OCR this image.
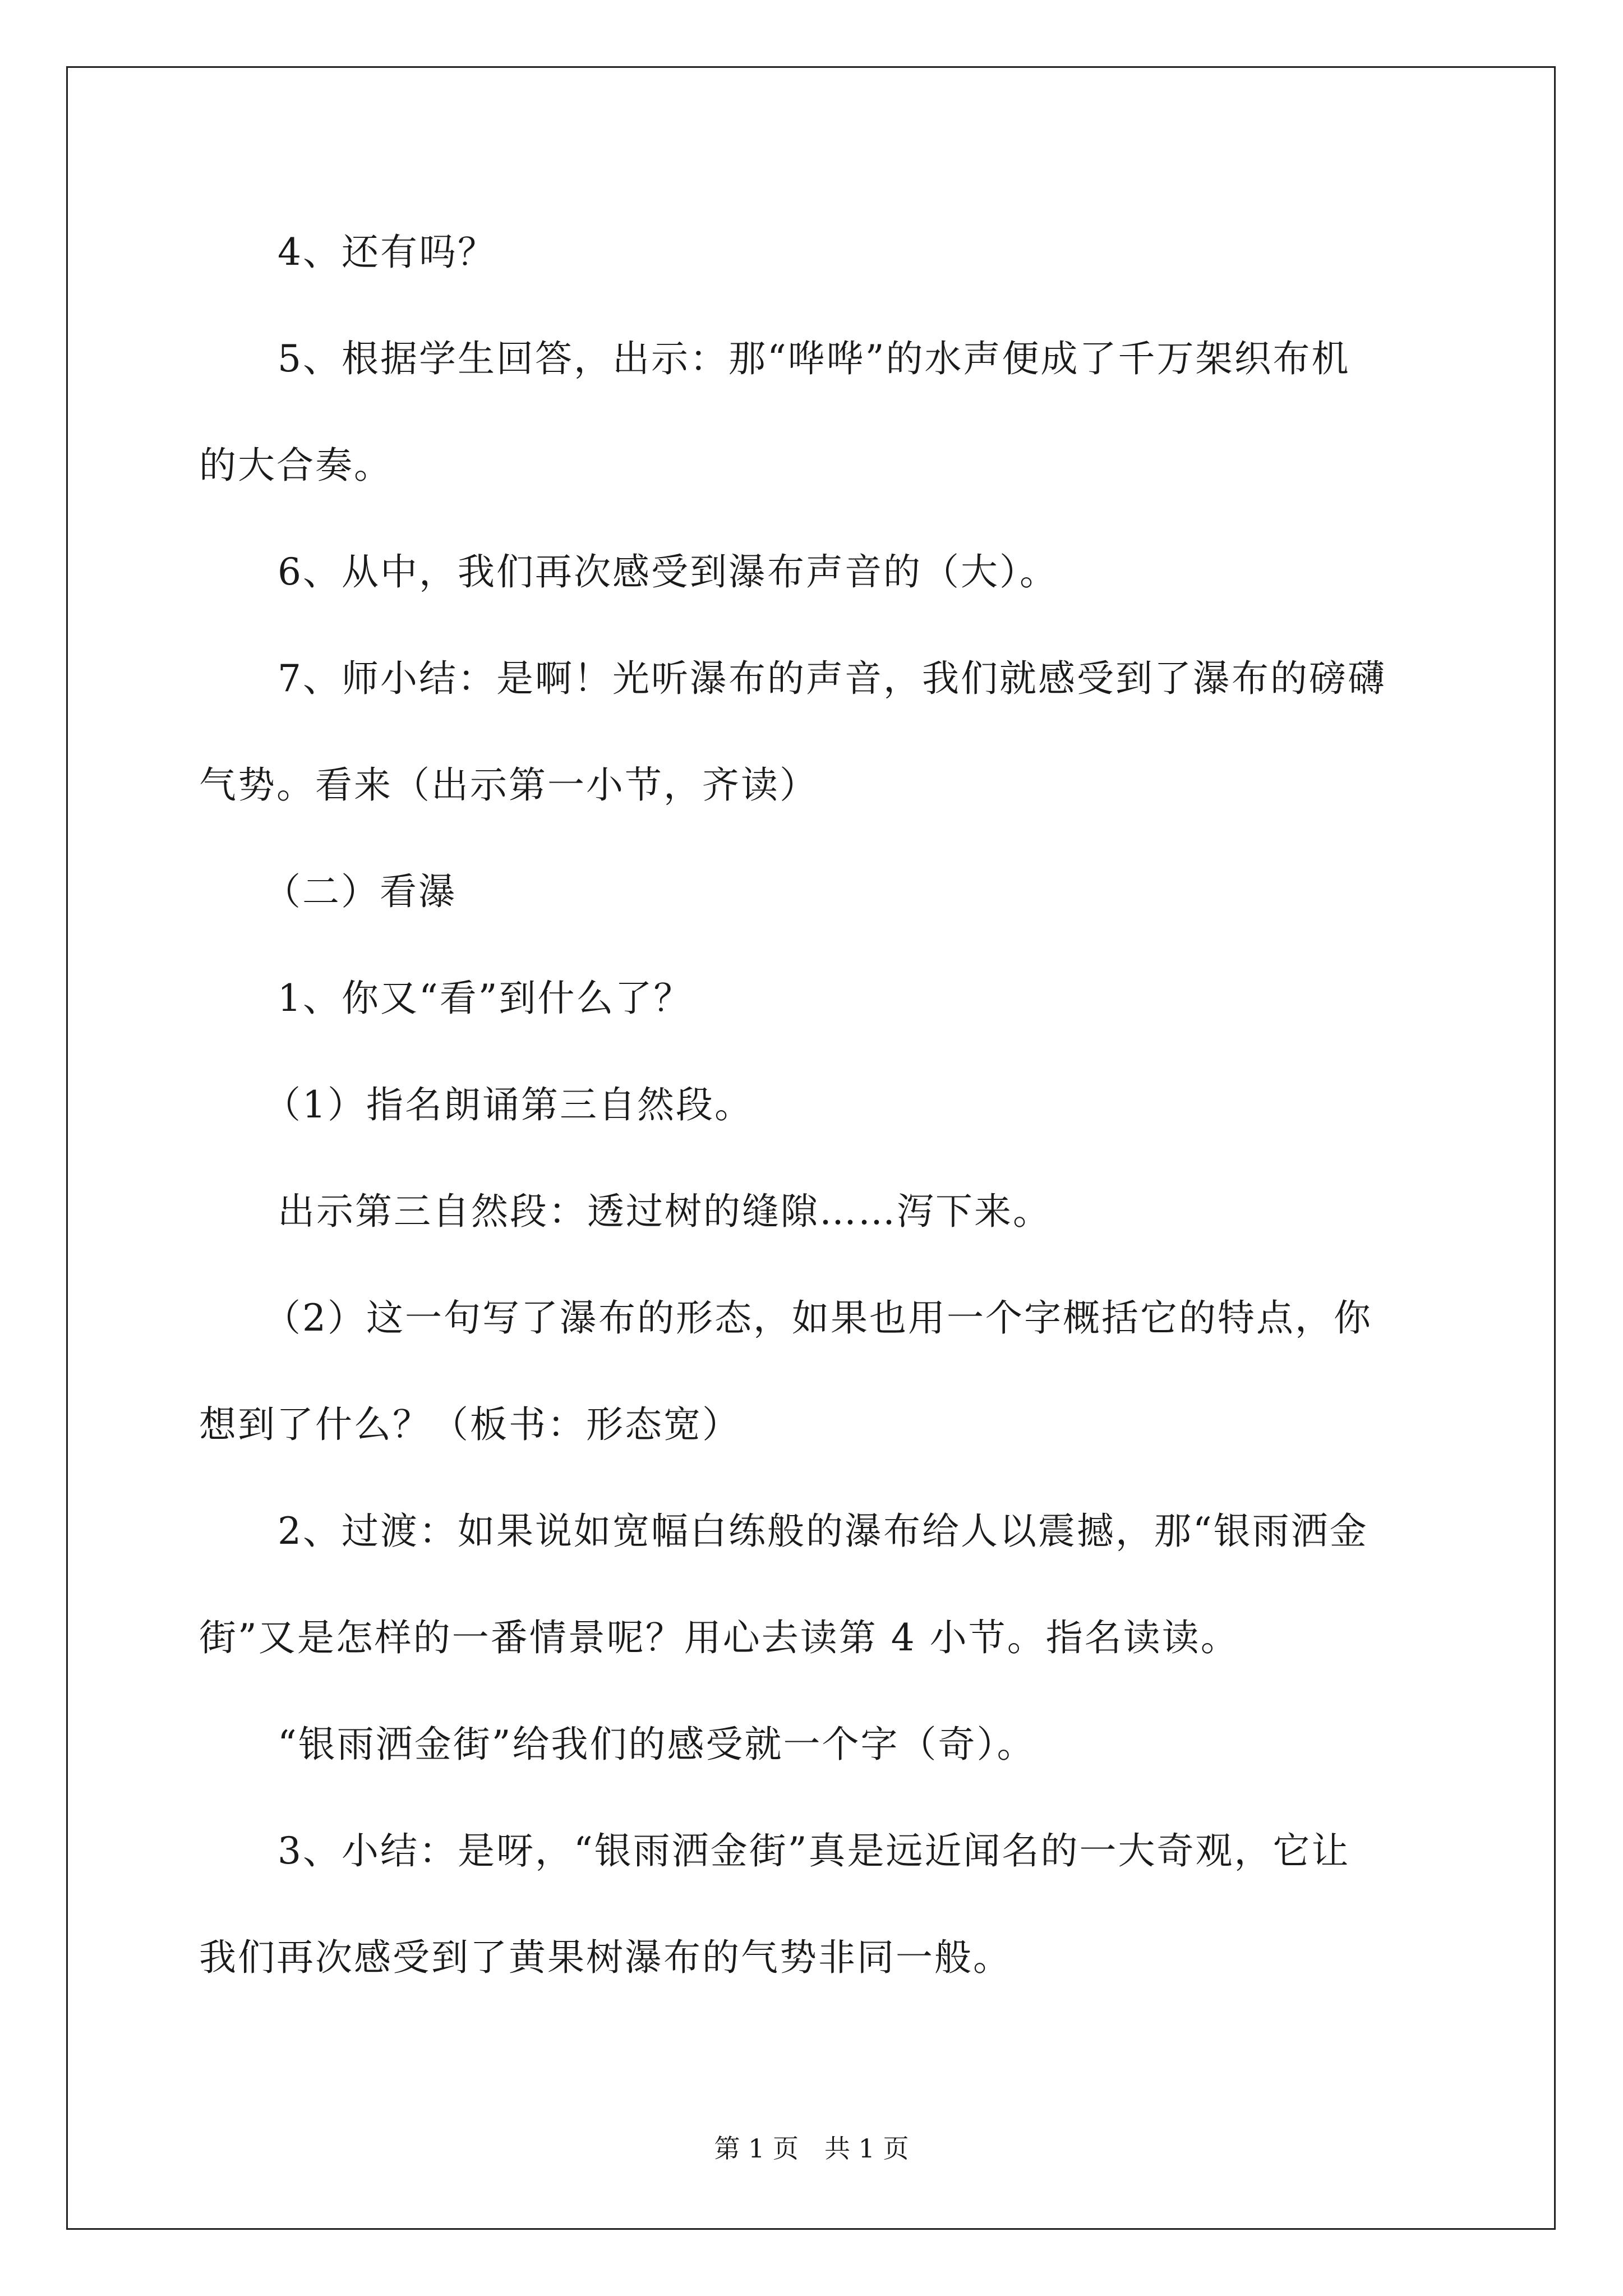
4、还有吗？
5、根据学生回答，出示：那“哗哗”的水声便成了千万架织布机
的大合奏。
6、从中，我们再次感受到瀑布声音的（大）。
7、师小结：是啊！光听瀑布的声音，我们就感受到了瀑布的磅礴
气势。看来（出示第一小节，齐读）
（二）看瀑
1、你又“看”到什么了？
（1）指名朗诵第三自然段。
出示第三自然段：透过树的缝隙……泻下来。
（2）这一句写了瀑布的形态，如果也用一个字概括它的特点，你
想到了什么？（板书：形态宽）
2、过渡：如果说如宽幅白练般的瀑布给人以震撼，那“银雨洒金
街”又是怎样的一番情景呢？用心去读第 4 小节。指名读读。
“银雨洒金街”给我们的感受就一个字（奇）。
3、小结：是呀，“银雨洒金街”真是远近闻名的一大奇观，它让
我们再次感受到了黄果树瀑布的气势非同一般。
第 1 页　共 1 页
